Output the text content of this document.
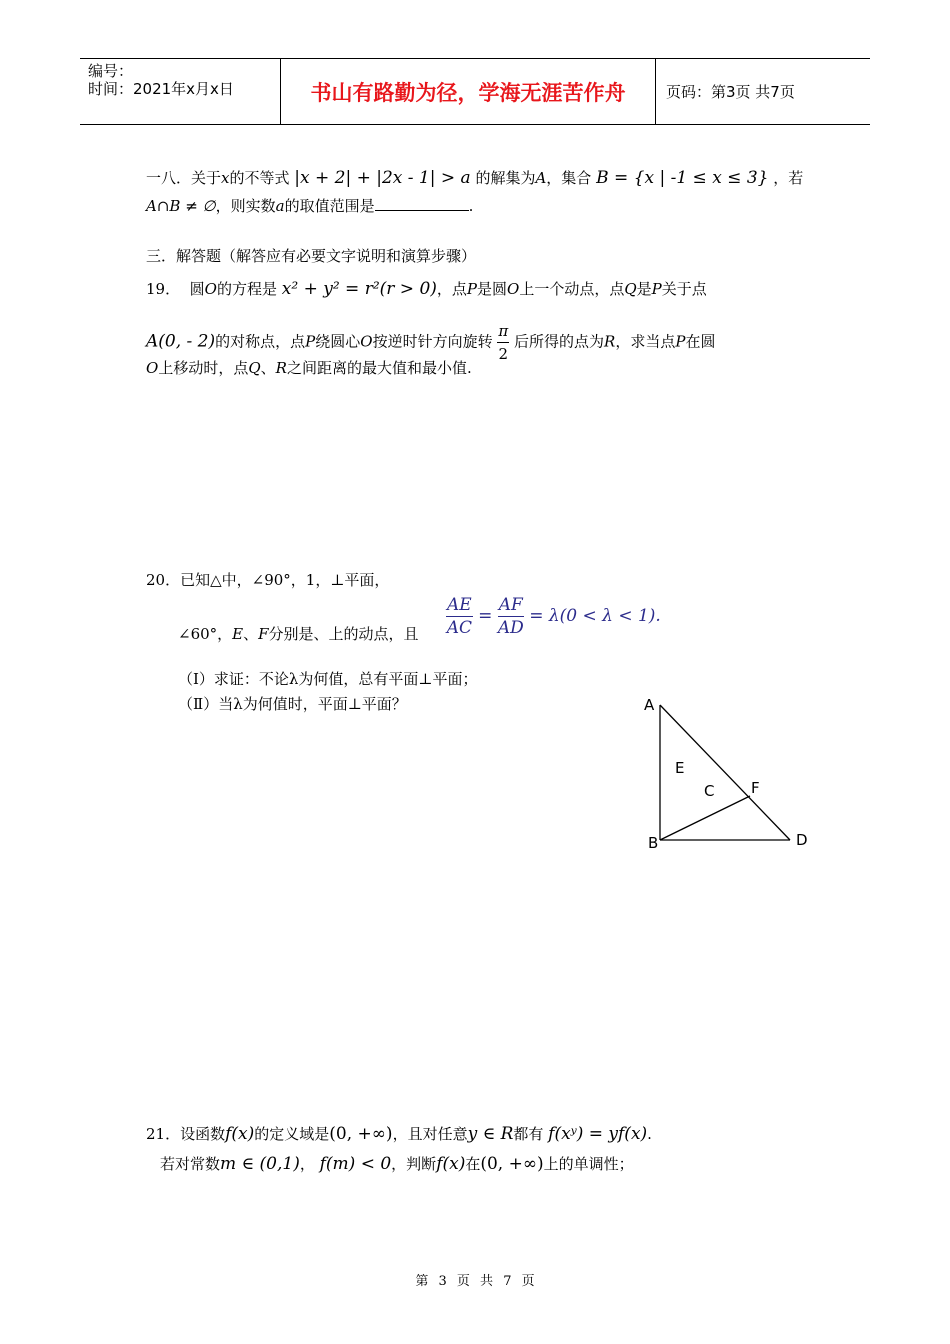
编号：
时间：2021年x月x日	书山有路勤为径，学海无涯苦作舟	页码：第3页 共7页
一八．关于x的不等式 |x + 2| + |2x - 1| > a 的解集为A，集合 B = {x | -1 ≤ x ≤ 3} ，若
A∩B ≠ ∅，则实数a的取值范围是	.
三．解答题（解答应有必要文字说明和演算步骤）
19． 圆O的方程是 x² + y² = r²(r > 0)，点P是圆O上一个动点，点Q是P关于点
A(0, - 2)的对称点，点P绕圆心O按逆时针方向旋转 $\frac{\pi}{2}$ 后所得的点为R，求当点P在圆
O上移动时，点Q、R之间距离的最大值和最小值.
20．已知△中，∠90°，1，⊥平面，
$\frac{AE}{AC} = \frac{AF}{AD} = \lambda(0 < \lambda < 1)$.
∠60°，E、F分别是、上的动点，且
（Ⅰ）求证：不论λ为何值，总有平面⊥平面；
（Ⅱ）当λ为何值时，平面⊥平面？	A
E
C F
B	D
21．设函数f(x)的定义域是(0, +∞)，且对任意y ∈ R都有 f(xʸ) = yf(x).
若对常数m ∈ (0,1)， f(m) < 0，判断f(x)在(0, +∞)上的单调性；
第 3 页 共 7 页
